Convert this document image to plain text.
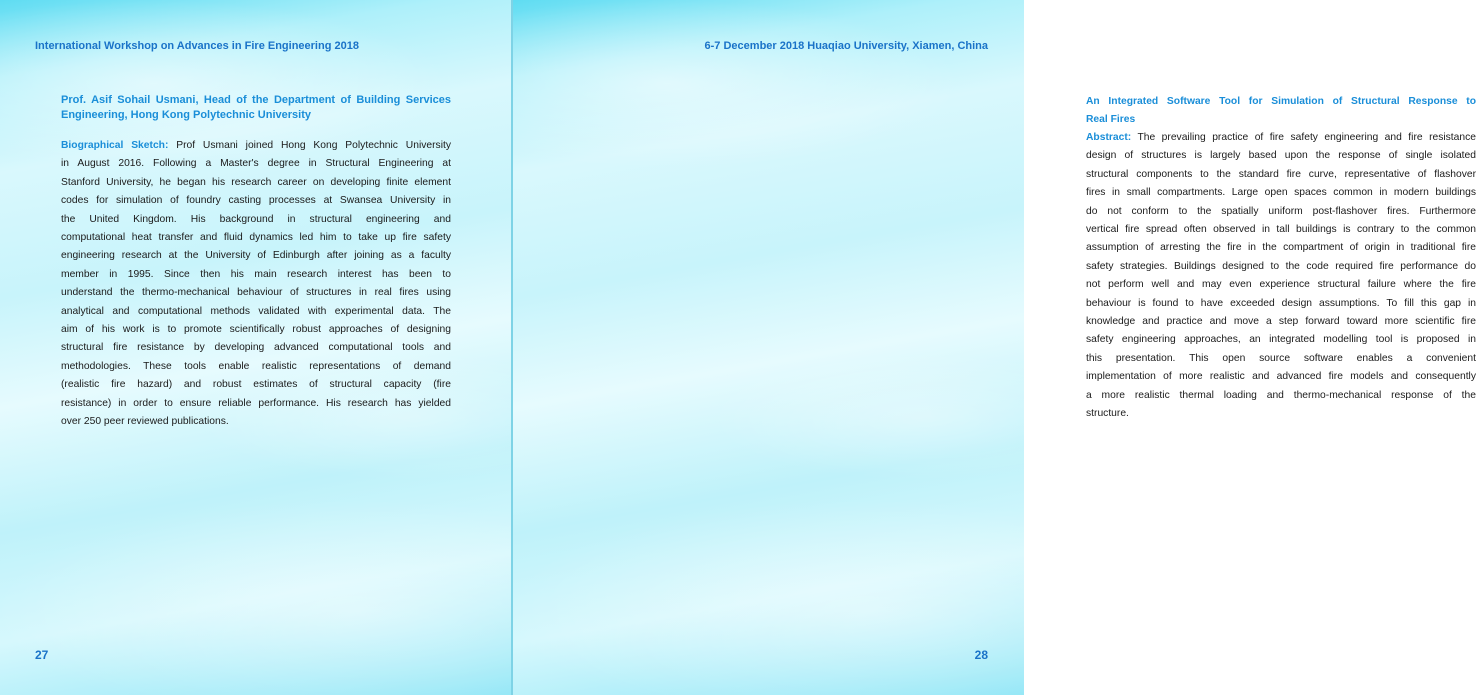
International Workshop on Advances in Fire Engineering 2018
Prof. Asif Sohail Usmani, Head of the Department of Building Services
Engineering, Hong Kong Polytechnic University
Biographical Sketch: Prof Usmani joined Hong Kong Polytechnic University
in August 2016. Following a Master's degree in Structural Engineering at
Stanford University, he began his research career on developing finite element
codes for simulation of foundry casting processes at Swansea University in
the United Kingdom. His background in structural engineering and
computational heat transfer and fluid dynamics led him to take up fire safety
engineering research at the University of Edinburgh after joining as a faculty
member in 1995. Since then his main research interest has been to
understand the thermo-mechanical behaviour of structures in real fires using
analytical and computational methods validated with experimental data. The
aim of his work is to promote scientifically robust approaches of designing
structural fire resistance by developing advanced computational tools and
methodologies. These tools enable realistic representations of demand
(realistic fire hazard) and robust estimates of structural capacity (fire
resistance) in order to ensure reliable performance. His research has yielded
over 250 peer reviewed publications.
27
6-7 December 2018 Huaqiao University, Xiamen, China
An Integrated Software Tool for Simulation of Structural Response to
Real Fires
Abstract: The prevailing practice of fire safety engineering and fire resistance
design of structures is largely based upon the response of single isolated
structural components to the standard fire curve, representative of flashover
fires in small compartments. Large open spaces common in modern buildings
do not conform to the spatially uniform post-flashover fires. Furthermore
vertical fire spread often observed in tall buildings is contrary to the common
assumption of arresting the fire in the compartment of origin in traditional fire
safety strategies. Buildings designed to the code required fire performance do
not perform well and may even experience structural failure where the fire
behaviour is found to have exceeded design assumptions. To fill this gap in
knowledge and practice and move a step forward toward more scientific fire
safety engineering approaches, an integrated modelling tool is proposed in
this presentation. This open source software enables a convenient
implementation of more realistic and advanced fire models and consequently
a more realistic thermal loading and thermo-mechanical response of the
structure.
28
